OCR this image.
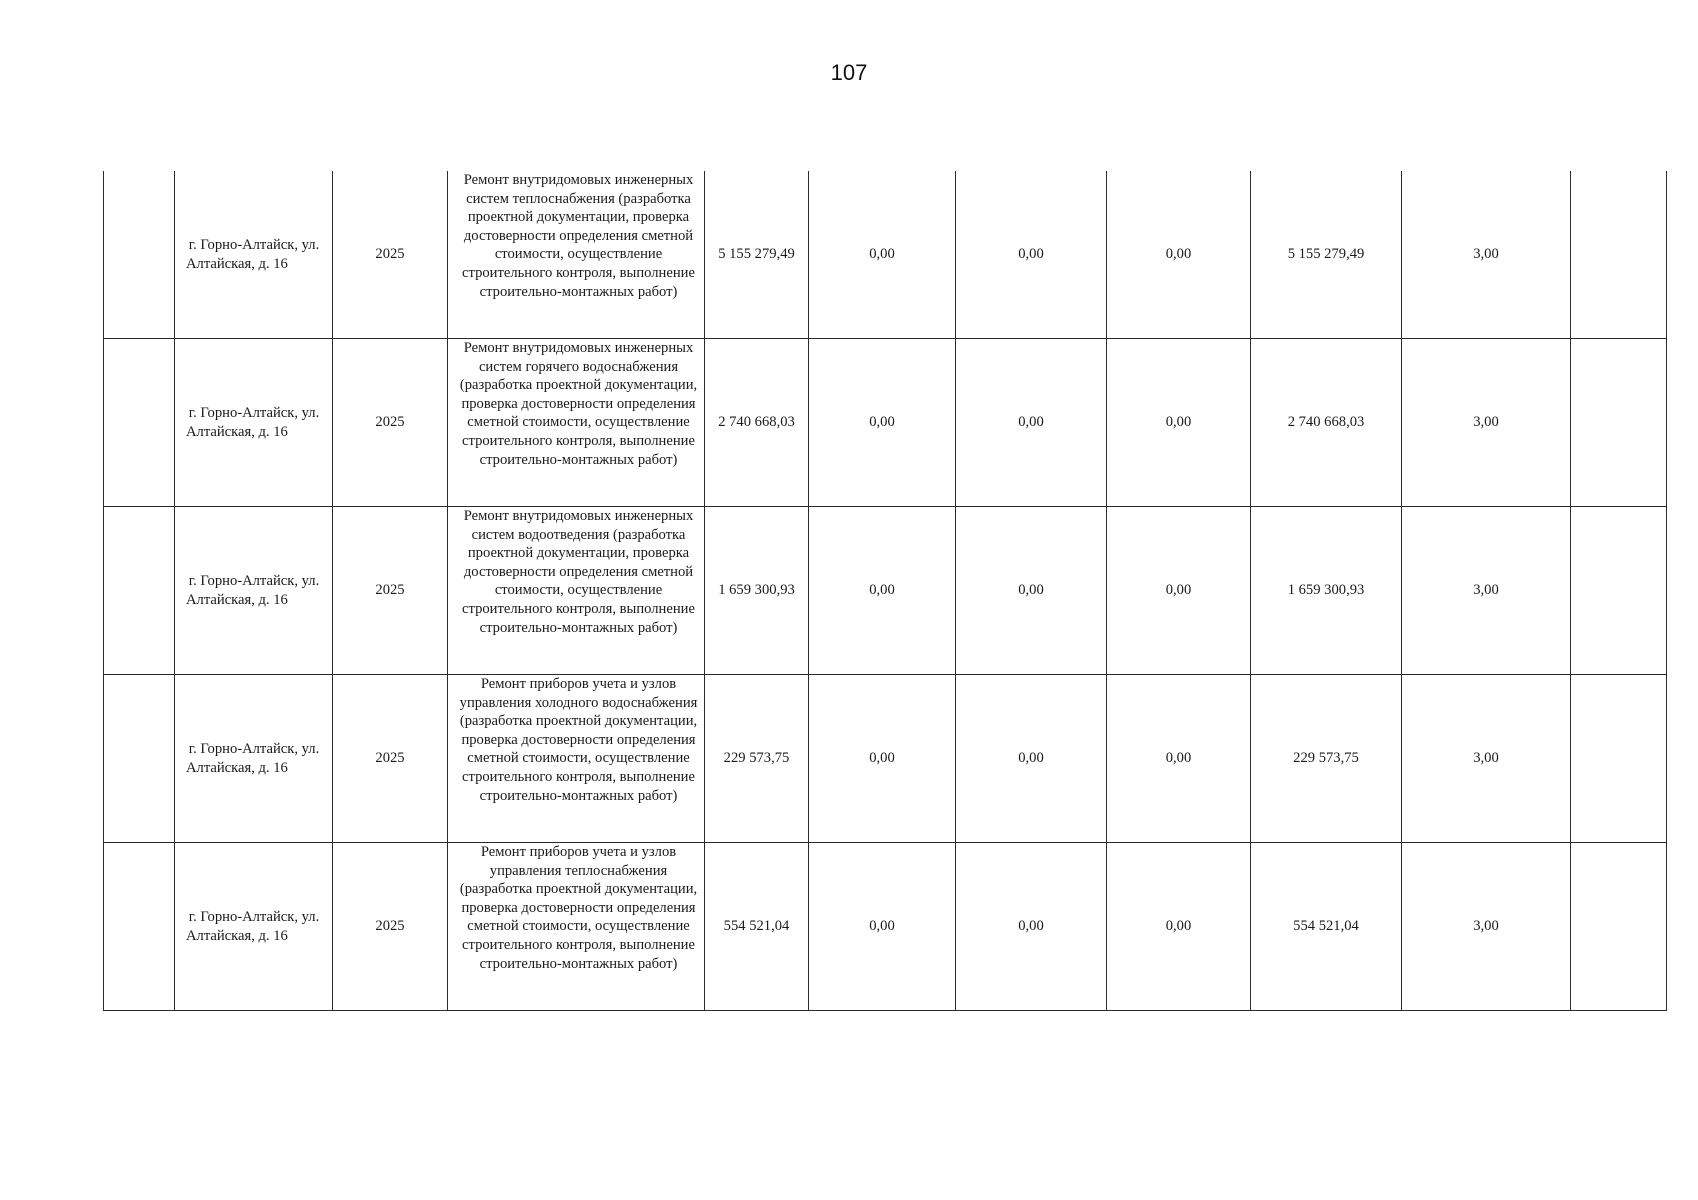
107
	г. Горно-Алтайск, ул. Алтайская, д. 16	2025	Ремонт внутридомовых инженерных систем теплоснабжения (разработка проектной документации, проверка достоверности определения сметной стоимости, осуществление строительного контроля, выполнение строительно-монтажных работ)	5 155 279,49	0,00	0,00	0,00	5 155 279,49	3,00	
	г. Горно-Алтайск, ул. Алтайская, д. 16	2025	Ремонт внутридомовых инженерных систем горячего водоснабжения (разработка проектной документации, проверка достоверности определения сметной стоимости, осуществление строительного контроля, выполнение строительно-монтажных работ)	2 740 668,03	0,00	0,00	0,00	2 740 668,03	3,00	
	г. Горно-Алтайск, ул. Алтайская, д. 16	2025	Ремонт внутридомовых инженерных систем водоотведения (разработка проектной документации, проверка достоверности определения сметной стоимости, осуществление строительного контроля, выполнение строительно-монтажных работ)	1 659 300,93	0,00	0,00	0,00	1 659 300,93	3,00	
	г. Горно-Алтайск, ул. Алтайская, д. 16	2025	Ремонт приборов учета и узлов управления холодного водоснабжения (разработка проектной документации, проверка достоверности определения сметной стоимости, осуществление строительного контроля, выполнение строительно-монтажных работ)	229 573,75	0,00	0,00	0,00	229 573,75	3,00	
	г. Горно-Алтайск, ул. Алтайская, д. 16	2025	Ремонт приборов учета и узлов управления теплоснабжения (разработка проектной документации, проверка достоверности определения сметной стоимости, осуществление строительного контроля, выполнение строительно-монтажных работ)	554 521,04	0,00	0,00	0,00	554 521,04	3,00	
